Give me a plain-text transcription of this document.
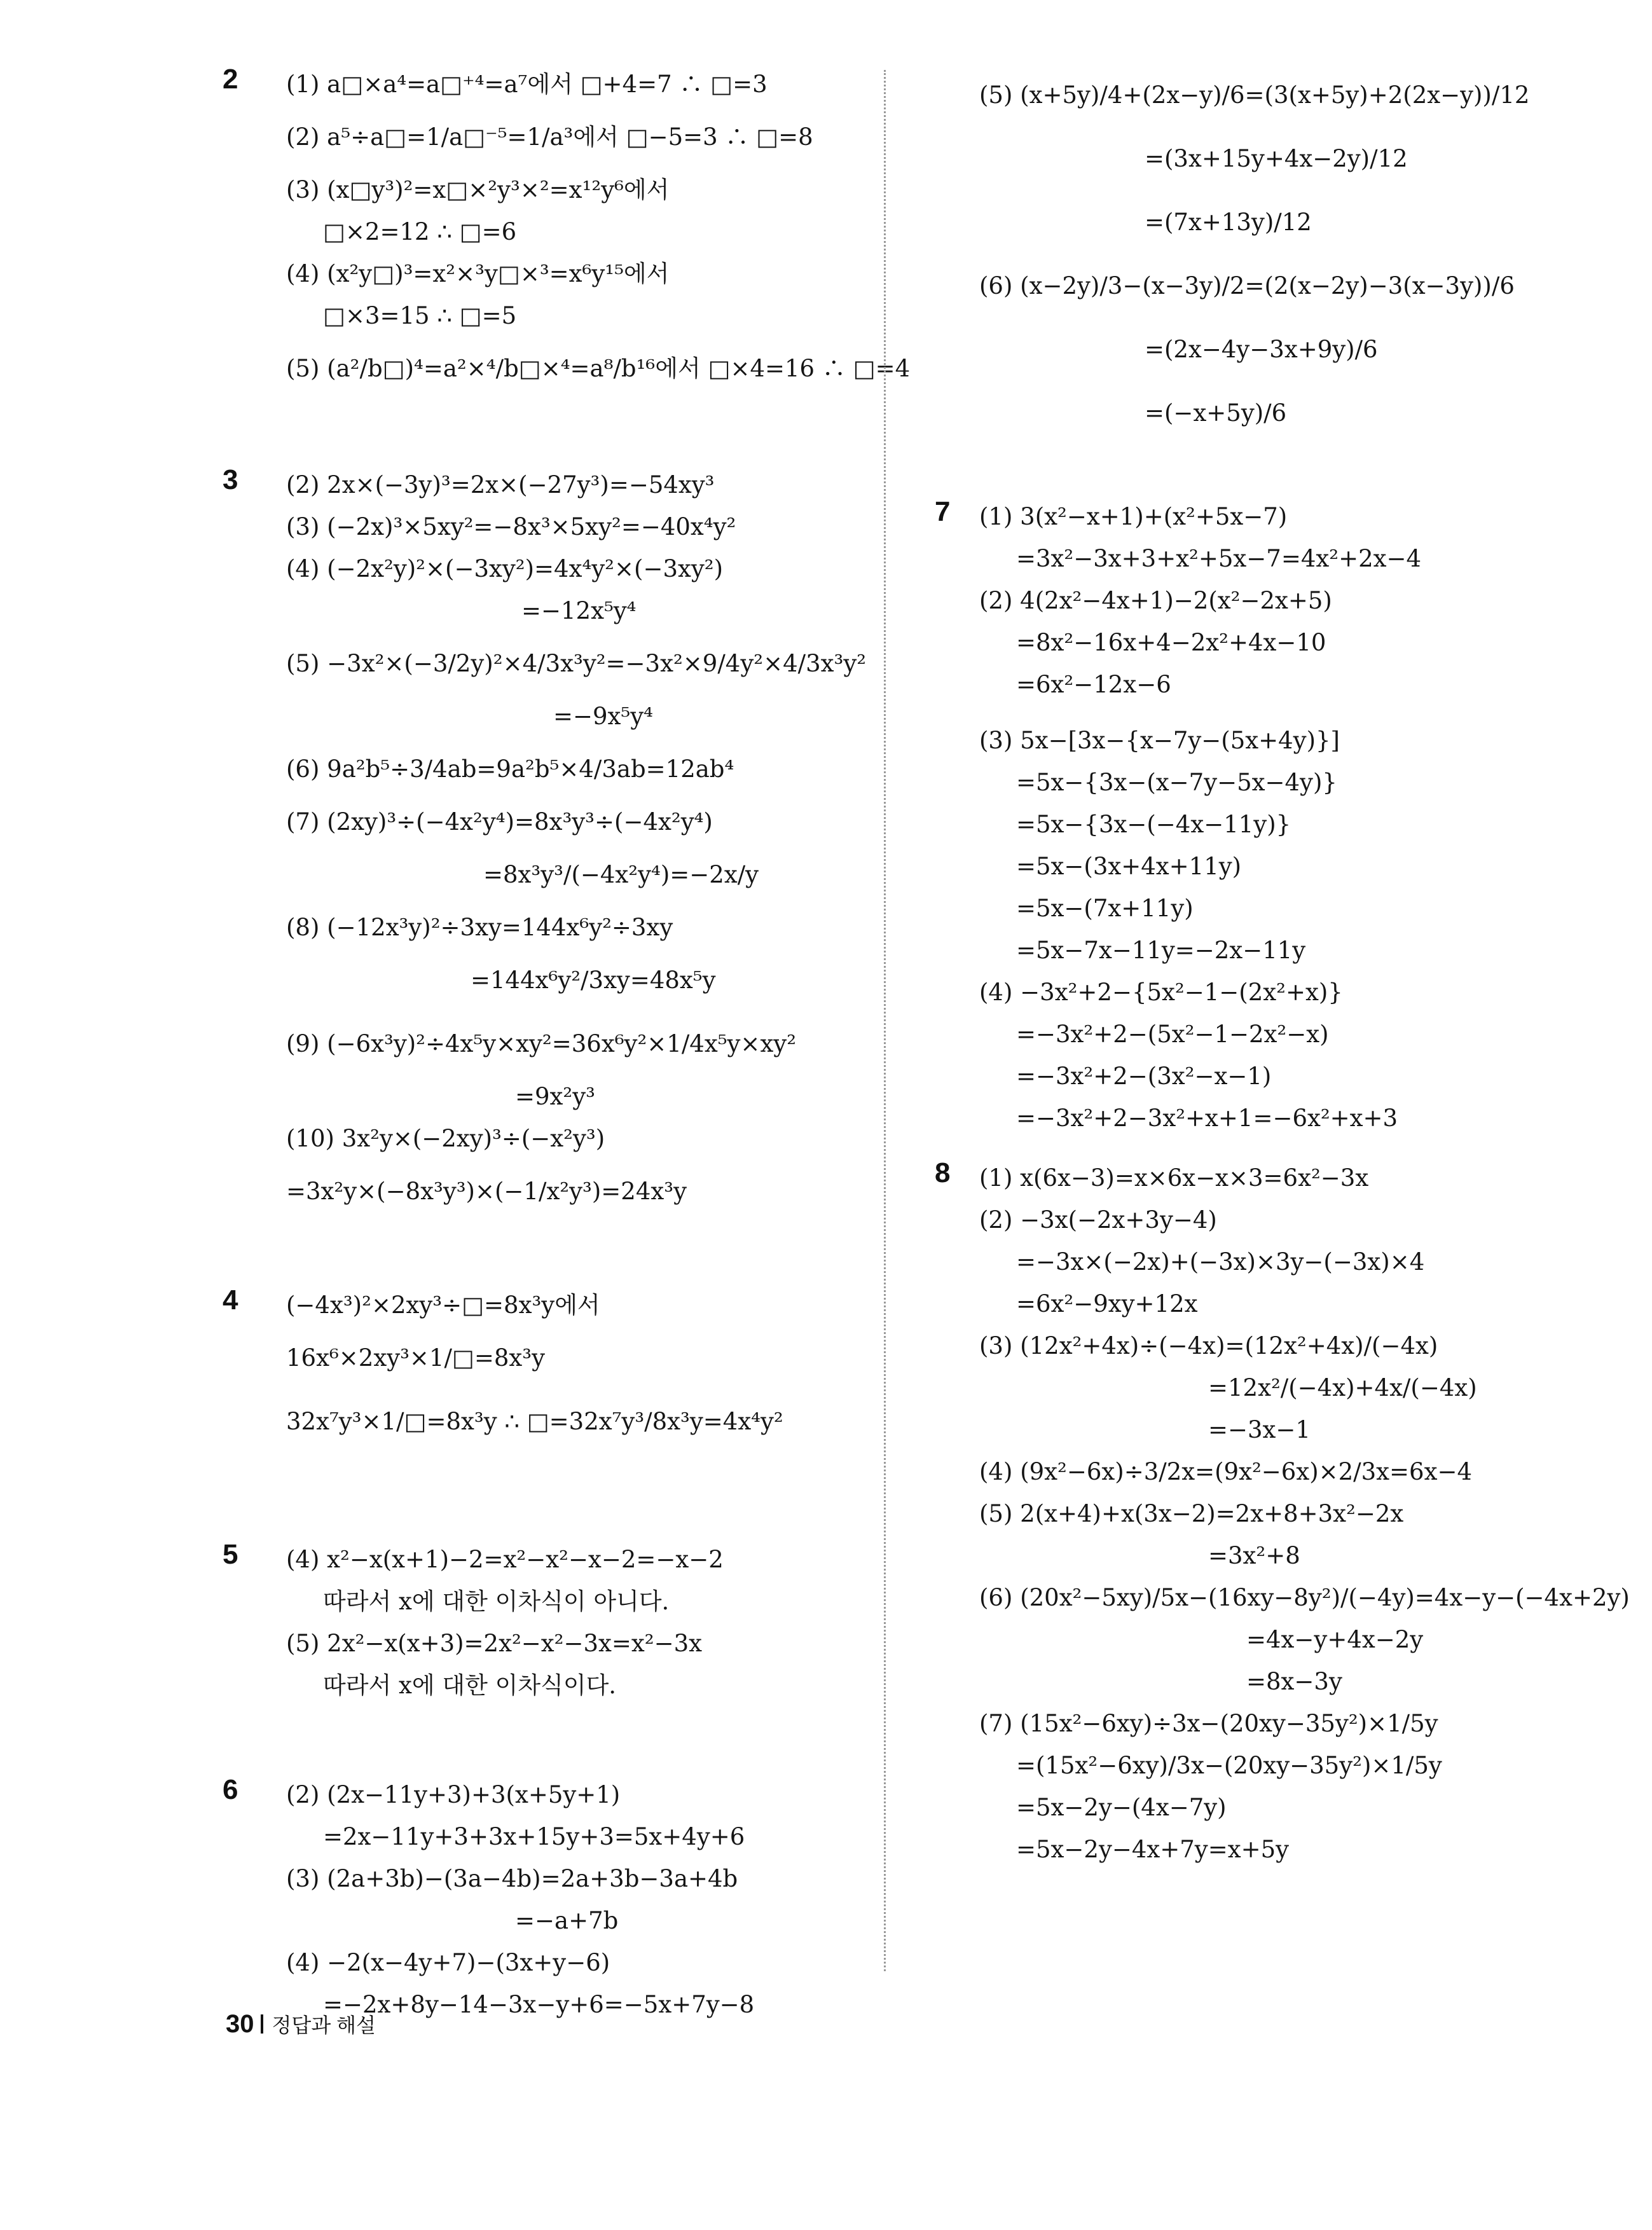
2 (1) a□×a⁴=a□⁺⁴=a⁷에서 □+4=7 ∴ □=3
(2) a⁵÷a□=1/a□⁻⁵=1/a³에서 □−5=3 ∴ □=8
(3) (x□y³)²=x□×²y³×²=x¹²y⁶에서
□×2=12 ∴ □=6
(4) (x²y□)³=x²×³y□×³=x⁶y¹⁵에서
□×3=15 ∴ □=5
(5) (a²/b□)⁴=a²×⁴/b□×⁴=a⁸/b¹⁶에서 □×4=16 ∴ □=4
3 (2) 2x×(−3y)³=2x×(−27y³)=−54xy³
(3) (−2x)³×5xy²=−8x³×5xy²=−40x⁴y²
(4) (−2x²y)²×(−3xy²)=4x⁴y²×(−3xy²)
=−12x⁵y⁴
(5) −3x²×(−3/2y)²×4/3x³y²=−3x²×9/4y²×4/3x³y²
=−9x⁵y⁴
(6) 9a²b⁵÷3/4ab=9a²b⁵×4/3ab=12ab⁴
(7) (2xy)³÷(−4x²y⁴)=8x³y³÷(−4x²y⁴)
=8x³y³/(−4x²y⁴)=−2x/y
(8) (−12x³y)²÷3xy=144x⁶y²÷3xy
=144x⁶y²/3xy=48x⁵y
(9) (−6x³y)²÷4x⁵y×xy²=36x⁶y²×1/4x⁵y×xy²
=9x²y³
(10) 3x²y×(−2xy)³÷(−x²y³)
=3x²y×(−8x³y³)×(−1/x²y³)=24x³y
4 (−4x³)²×2xy³÷□=8x³y에서
16x⁶×2xy³×1/□=8x³y
32x⁷y³×1/□=8x³y ∴ □=32x⁷y³/8x³y=4x⁴y²
5 (4) x²−x(x+1)−2=x²−x²−x−2=−x−2
따라서 x에 대한 이차식이 아니다.
(5) 2x²−x(x+3)=2x²−x²−3x=x²−3x
따라서 x에 대한 이차식이다.
6 (2) (2x−11y+3)+3(x+5y+1)
=2x−11y+3+3x+15y+3=5x+4y+6
(3) (2a+3b)−(3a−4b)=2a+3b−3a+4b
=−a+7b
(4) −2(x−4y+7)−(3x+y−6)
=−2x+8y−14−3x−y+6=−5x+7y−8
(5) (x+5y)/4+(2x−y)/6=(3(x+5y)+2(2x−y))/12
=(3x+15y+4x−2y)/12
=(7x+13y)/12
(6) (x−2y)/3−(x−3y)/2=(2(x−2y)−3(x−3y))/6
=(2x−4y−3x+9y)/6
=(−x+5y)/6
7 (1) 3(x²−x+1)+(x²+5x−7)
=3x²−3x+3+x²+5x−7=4x²+2x−4
(2) 4(2x²−4x+1)−2(x²−2x+5)
=8x²−16x+4−2x²+4x−10
=6x²−12x−6
(3) 5x−[3x−{x−7y−(5x+4y)}]
=5x−{3x−(x−7y−5x−4y)}
=5x−{3x−(−4x−11y)}
=5x−(3x+4x+11y)
=5x−(7x+11y)
=5x−7x−11y=−2x−11y
(4) −3x²+2−{5x²−1−(2x²+x)}
=−3x²+2−(5x²−1−2x²−x)
=−3x²+2−(3x²−x−1)
=−3x²+2−3x²+x+1=−6x²+x+3
8 (1) x(6x−3)=x×6x−x×3=6x²−3x
(2) −3x(−2x+3y−4)
=−3x×(−2x)+(−3x)×3y−(−3x)×4
=6x²−9xy+12x
(3) (12x²+4x)÷(−4x)=(12x²+4x)/(−4x)
=12x²/(−4x)+4x/(−4x)
=−3x−1
(4) (9x²−6x)÷3/2x=(9x²−6x)×2/3x=6x−4
(5) 2(x+4)+x(3x−2)=2x+8+3x²−2x
=3x²+8
(6) (20x²−5xy)/5x−(16xy−8y²)/(−4y)=4x−y−(−4x+2y)
=4x−y+4x−2y
=8x−3y
(7) (15x²−6xy)÷3x−(20xy−35y²)×1/5y
=(15x²−6xy)/3x−(20xy−35y²)×1/5y
=5x−2y−(4x−7y)
=5x−2y−4x+7y=x+5y
30 정답과 해설
